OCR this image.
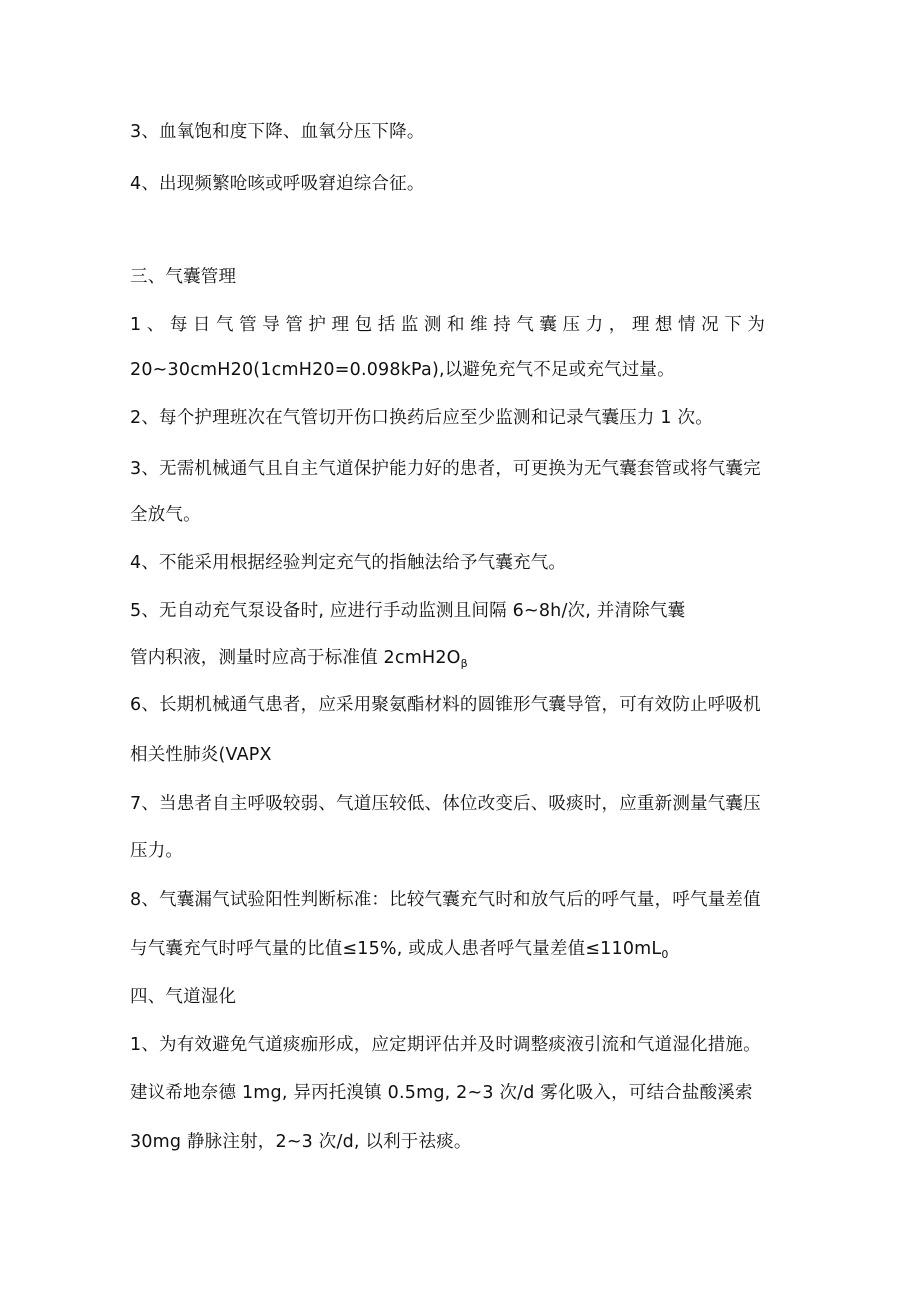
3、血氧饱和度下降、血氧分压下降。
4、出现频繁呛咳或呼吸窘迫综合征。
三、气囊管理
1、每日气管导管护理包括监测和维持气囊压力，理想情况下为
20~30cmH20(1cmH20=0.098kPa),以避免充气不足或充气过量。
2、每个护理班次在气管切开伤口换药后应至少监测和记录气囊压力 1 次。
3、无需机械通气且自主气道保护能力好的患者，可更换为无气囊套管或将气囊完
全放气。
4、不能采用根据经验判定充气的指触法给予气囊充气。
5、无自动充气泵设备时, 应进行手动监测且间隔 6~8h/次, 并清除气囊
管内积液，测量时应高于标准值 $2cmH2O_\beta$
6、长期机械通气患者，应采用聚氨酯材料的圆锥形气囊导管，可有效防止呼吸机
相关性肺炎(VAPX
7、当患者自主呼吸较弱、气道压较低、体位改变后、吸痰时，应重新测量气囊压
压力。
8、气囊漏气试验阳性判断标准：比较气囊充气时和放气后的呼气量，呼气量差值
与气囊充气时呼气量的比值≤15%, 或成人患者呼气量差值$\le 110mL_0$
四、气道湿化
1、为有效避免气道痰痂形成，应定期评估并及时调整痰液引流和气道湿化措施。
建议希地奈德 1mg, 异丙托溴镇 0.5mg, 2~3 次/d 雾化吸入，可结合盐酸溪索
30mg 静脉注射，2~3 次/d, 以利于祛痰。
